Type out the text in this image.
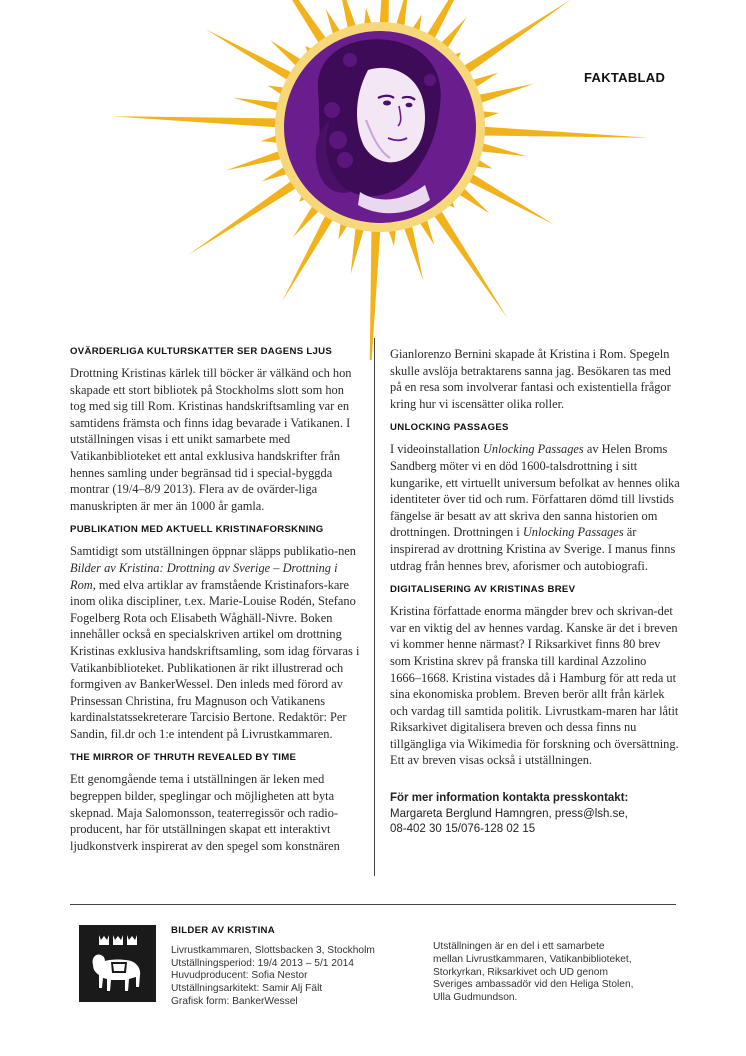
FAKTABLAD
OVÄRDERLIGA KULTURSKATTER SER DAGENS LJUS

Drottning Kristinas kärlek till böcker är välkänd och hon skapade ett stort bibliotek på Stockholms slott som hon tog med sig till Rom. Kristinas handskriftsamling var en samtidens främsta och finns idag bevarade i Vatikanen. I utställningen visas i ett unikt samarbete med Vatikanbiblioteket ett antal exklusiva handskrifter från hennes samling under begränsad tid i special-byggda montrar (19/4–8/9 2013). Flera av de ovärder-liga manuskripten är mer än 1000 år gamla.

PUBLIKATION MED AKTUELL KRISTINAFORSKNING

Samtidigt som utställningen öppnar släpps publikatio-nen Bilder av Kristina: Drottning av Sverige – Drottning i Rom, med elva artiklar av framstående Kristinafors-kare inom olika discipliner, t.ex. Marie-Louise Rodén, Stefano Fogelberg Rota och Elisabeth Wåghäll-Nivre. Boken innehåller också en specialskriven artikel om drottning Kristinas exklusiva handskriftsamling, som idag förvaras i Vatikanbiblioteket. Publikationen är rikt illustrerad och formgiven av BankerWessel. Den inleds med förord av Prinsessan Christina, fru Magnuson och Vatikanens kardinalstatssekreterare Tarcisio Bertone. Redaktör: Per Sandin, fil.dr och 1:e intendent på Livrustkammaren.

THE MIRROR OF THRUTH REVEALED BY TIME

Ett genomgående tema i utställningen är leken med begreppen bilder, speglingar och möjligheten att byta skepnad. Maja Salomonsson, teaterregissör och radio-producent, har för utställningen skapat ett interaktivt ljudkonstverk inspirerat av den spegel som konstnären

Gianlorenzo Bernini skapade åt Kristina i Rom. Spegeln skulle avslöja betraktarens sanna jag. Besökaren tas med på en resa som involverar fantasi och existentiella frågor kring hur vi iscensätter olika roller.

UNLOCKING PASSAGES

I videoinstallation Unlocking Passages av Helen Broms Sandberg möter vi en död 1600-talsdrottning i sitt kungarike, ett virtuellt universum befolkat av hennes olika identiteter över tid och rum. Författaren dömd till livstids fängelse är besatt av att skriva den sanna historien om drottningen. Drottningen i Unlocking Passages är inspirerad av drottning Kristina av Sverige. I manus finns utdrag från hennes brev, aforismer och autobiografi.

DIGITALISERING AV KRISTINAS BREV

Kristina författade enorma mängder brev och skrivan-det var en viktig del av hennes vardag. Kanske är det i breven vi kommer henne närmast? I Riksarkivet finns 80 brev som Kristina skrev på franska till kardinal Azzolino 1666–1668. Kristina vistades då i Hamburg för att reda ut sina ekonomiska problem. Breven berör allt från kärlek och vardag till samtida politik. Livrustkam-maren har låtit Riksarkivet digitalisera breven och dessa finns nu tillgängliga via Wikimedia för forskning och översättning. Ett av breven visas också i utställningen.

För mer information kontakta presskontakt:
Margareta Berglund Hamngren, press@lsh.se,
08-402 30 15/076-128 02 15
BILDER AV KRISTINA
Livrustkammaren, Slottsbacken 3, Stockholm
Utställningsperiod: 19/4 2013 – 5/1 2014
Huvudproducent: Sofia Nestor
Utställningsarkitekt: Samir Alj Fält
Grafisk form: BankerWessel
Utställningen är en del i ett samarbete
mellan Livrustkammaren, Vatikanbiblioteket,
Storkyrkan, Riksarkivet och UD genom
Sveriges ambassadör vid den Heliga Stolen,
Ulla Gudmundson.
